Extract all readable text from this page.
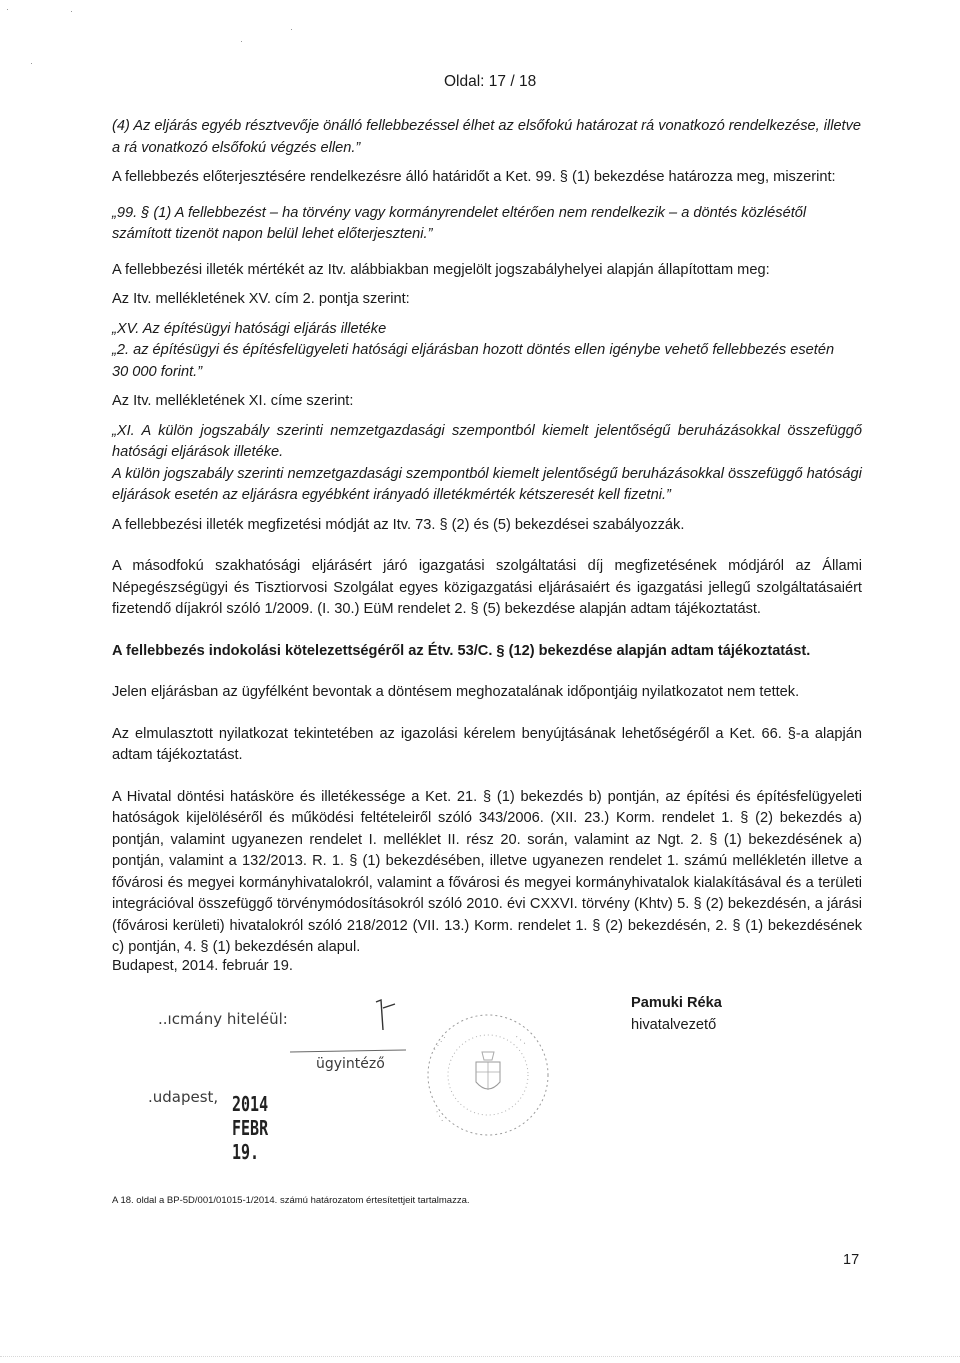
Oldal: 17 / 18

(4) Az eljárás egyéb résztvevője önálló fellebbezéssel élhet az elsőfokú határozat rá vonatkozó rendelkezése, illetve a rá vonatkozó elsőfokú végzés ellen.”

A fellebbezés előterjesztésére rendelkezésre álló határidőt a Ket. 99. § (1) bekezdése határozza meg, miszerint:

„99. § (1) A fellebbezést – ha törvény vagy kormányrendelet eltérően nem rendelkezik – a döntés közlésétől számított tizenöt napon belül lehet előterjeszteni.”

A fellebbezési illeték mértékét az Itv. alábbiakban megjelölt jogszabályhelyei alapján állapítottam meg:

Az Itv. mellékletének XV. cím 2. pontja szerint:

„XV. Az építésügyi hatósági eljárás illetéke

„2. az építésügyi és építésfelügyeleti hatósági eljárásban hozott döntés ellen igénybe vehető fellebbezés esetén

30 000 forint.”

Az Itv. mellékletének XI. címe szerint:

„XI. A külön jogszabály szerinti nemzetgazdasági szempontból kiemelt jelentőségű beruházásokkal összefüggő hatósági eljárások illetéke.

A külön jogszabály szerinti nemzetgazdasági szempontból kiemelt jelentőségű beruházásokkal összefüggő hatósági eljárások esetén az eljárásra egyébként irányadó illetékmérték kétszeresét kell fizetni.”

A fellebbezési illeték megfizetési módját az Itv. 73. § (2) és (5) bekezdései szabályozzák.

A másodfokú szakhatósági eljárásért járó igazgatási szolgáltatási díj megfizetésének módjáról az Állami Népegészségügyi és Tisztiorvosi Szolgálat egyes közigazgatási eljárásaiért és igazgatási jellegű szolgáltatásaiért fizetendő díjakról szóló 1/2009. (I. 30.) EüM rendelet 2. § (5) bekezdése alapján adtam tájékoztatást.

A fellebbezés indokolási kötelezettségéről az Étv. 53/C. § (12) bekezdése alapján adtam tájékoztatást.

Jelen eljárásban az ügyfélként bevontak a döntésem meghozatalának időpontjáig nyilatkozatot nem tettek.

Az elmulasztott nyilatkozat tekintetében az igazolási kérelem benyújtásának lehetőségéről a Ket. 66. §-a alapján adtam tájékoztatást.

A Hivatal döntési hatásköre és illetékessége a Ket. 21. § (1) bekezdés b) pontján, az építési és építésfelügyeleti hatóságok kijelöléséről és működési feltételeiről szóló 343/2006. (XII. 23.) Korm. rendelet 1. § (2) bekezdés a) pontján, valamint ugyanezen rendelet I. melléklet II. rész 20. során, valamint az Ngt. 2. § (1) bekezdésének a) pontján, valamint a 132/2013. R. 1. § (1) bekezdésében, illetve ugyanezen rendelet 1. számú mellékletén illetve a fővárosi és megyei kormányhivatalokról, valamint a fővárosi és megyei kormányhivatalok kialakításával és a területi integrációval összefüggő törvénymódosításokról szóló 2010. évi CXXVI. törvény (Khtv) 5. § (2) bekezdésén, a járási (fővárosi kerületi) hivatalokról szóló 218/2012 (VII. 13.) Korm. rendelet 1. § (2) bekezdésén, 2. § (1) bekezdésének c) pontján, 4. § (1) bekezdésén alapul.

Budapest, 2014. február 19.
Pamuki Réka
hivatalvezető
..ıcmány hiteléül:
ügyintéző
.udapest, 2014 FEBR 19.
· · · ·	· · ·
· · ·
A 18. oldal a BP-5D/001/01015-1/2014. számú határozatom értesítettjeit tartalmazza.
17
·	·
·
·
·
